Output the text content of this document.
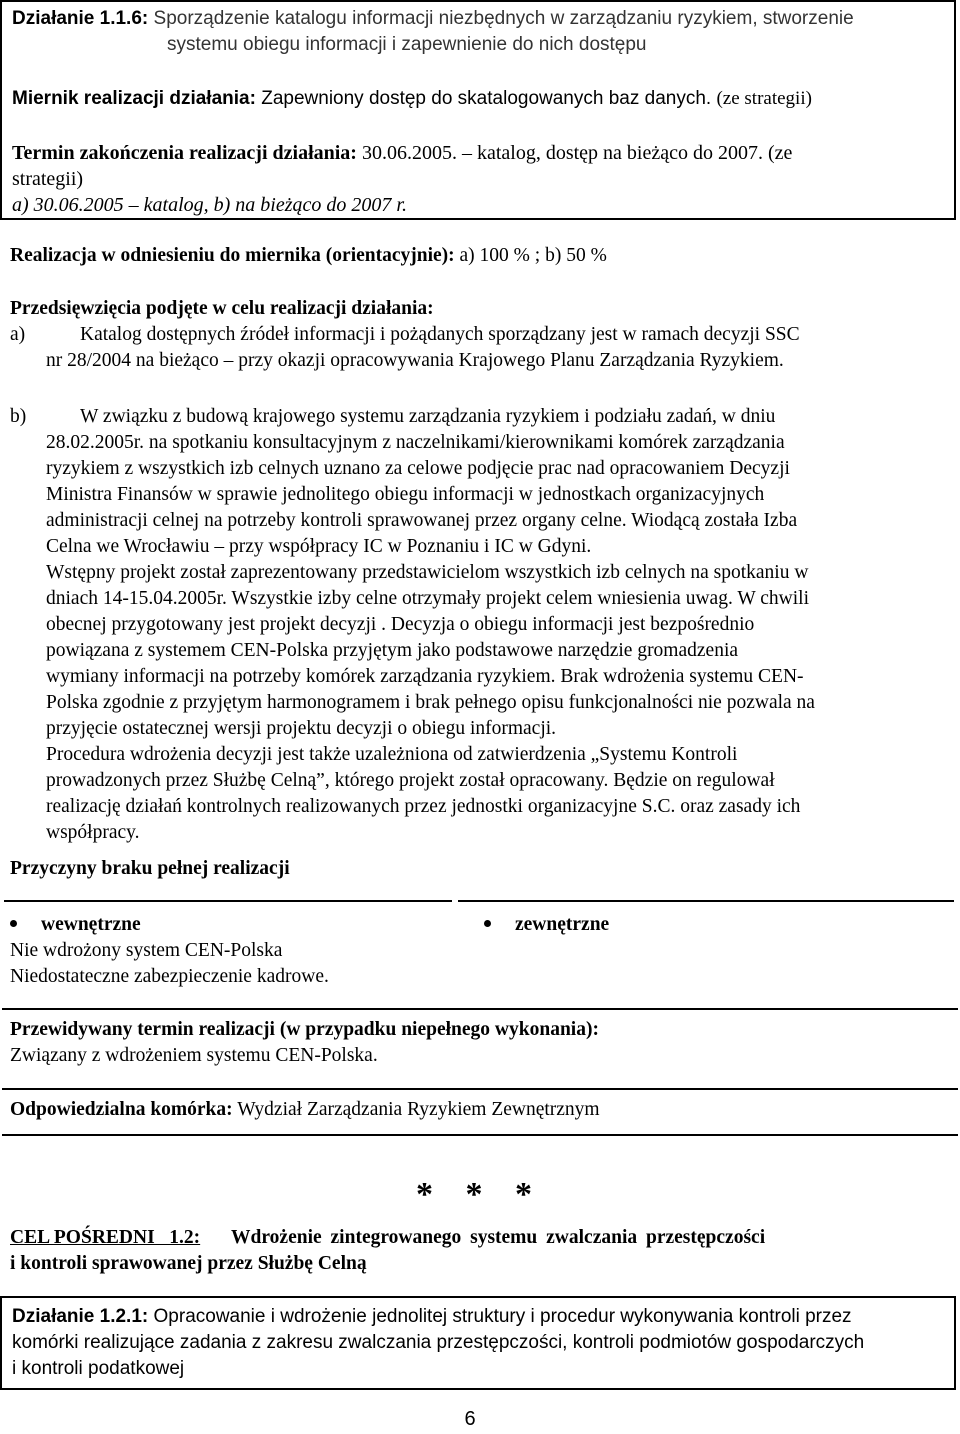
Działanie 1.1.6: Sporządzenie katalogu informacji niezbędnych w zarządzaniu ryzykiem, stworzenie
systemu obiegu informacji i zapewnienie do nich dostępu
Miernik realizacji działania: Zapewniony dostęp do skatalogowanych baz danych. (ze strategii)
Termin zakończenia realizacji działania: 30.06.2005. – katalog, dostęp na bieżąco do 2007. (ze
strategii)
a) 30.06.2005 – katalog, b) na bieżąco do 2007 r.
Realizacja w odniesieniu do miernika (orientacyjnie): a) 100 % ; b) 50 %
Przedsięwzięcia podjęte w celu realizacji działania:
a)	Katalog dostępnych źródeł informacji i pożądanych sporządzany jest w ramach decyzji SSC
nr 28/2004 na bieżąco – przy okazji opracowywania Krajowego Planu Zarządzania Ryzykiem.
b)	W związku z budową krajowego systemu zarządzania ryzykiem i podziału zadań, w dniu
28.02.2005r. na spotkaniu konsultacyjnym z naczelnikami/kierownikami komórek zarządzania
ryzykiem z wszystkich izb celnych uznano za celowe podjęcie prac nad opracowaniem Decyzji
Ministra Finansów w sprawie jednolitego obiegu informacji w jednostkach organizacyjnych
administracji celnej na potrzeby kontroli sprawowanej przez organy celne. Wiodącą została Izba
Celna we Wrocławiu – przy współpracy IC w Poznaniu i IC w Gdyni.
Wstępny projekt został zaprezentowany przedstawicielom wszystkich izb celnych na spotkaniu w
dniach 14-15.04.2005r. Wszystkie izby celne otrzymały projekt celem wniesienia uwag. W chwili
obecnej przygotowany jest projekt decyzji . Decyzja o obiegu informacji jest bezpośrednio
powiązana z systemem CEN-Polska przyjętym jako podstawowe narzędzie gromadzenia
wymiany informacji na potrzeby komórek zarządzania ryzykiem. Brak wdrożenia systemu CEN-
Polska zgodnie z przyjętym harmonogramem i brak pełnego opisu funkcjonalności nie pozwala na
przyjęcie ostatecznej wersji projektu decyzji o obiegu informacji.
Procedura wdrożenia decyzji jest także uzależniona od zatwierdzenia „Systemu Kontroli
prowadzonych przez Służbę Celną”, którego projekt został opracowany. Będzie on regulował
realizację działań kontrolnych realizowanych przez jednostki organizacyjne S.C. oraz zasady ich
współpracy.
Przyczyny braku pełnej realizacji
wewnętrzne
Nie wdrożony system CEN-Polska
Niedostateczne zabezpieczenie kadrowe.
zewnętrzne
Przewidywany termin realizacji (w przypadku niepełnego wykonania):
Związany z wdrożeniem systemu CEN-Polska.
Odpowiedzialna komórka: Wydział Zarządzania Ryzykiem Zewnętrznym
* * *
CEL POŚREDNI   1.2: Wdrożenie zintegrowanego systemu zwalczania przestępczości
i kontroli sprawowanej przez Służbę Celną
Działanie 1.2.1: Opracowanie i wdrożenie jednolitej struktury i procedur wykonywania kontroli przez
komórki realizujące zadania z zakresu zwalczania przestępczości, kontroli podmiotów gospodarczych
i kontroli podatkowej
6
